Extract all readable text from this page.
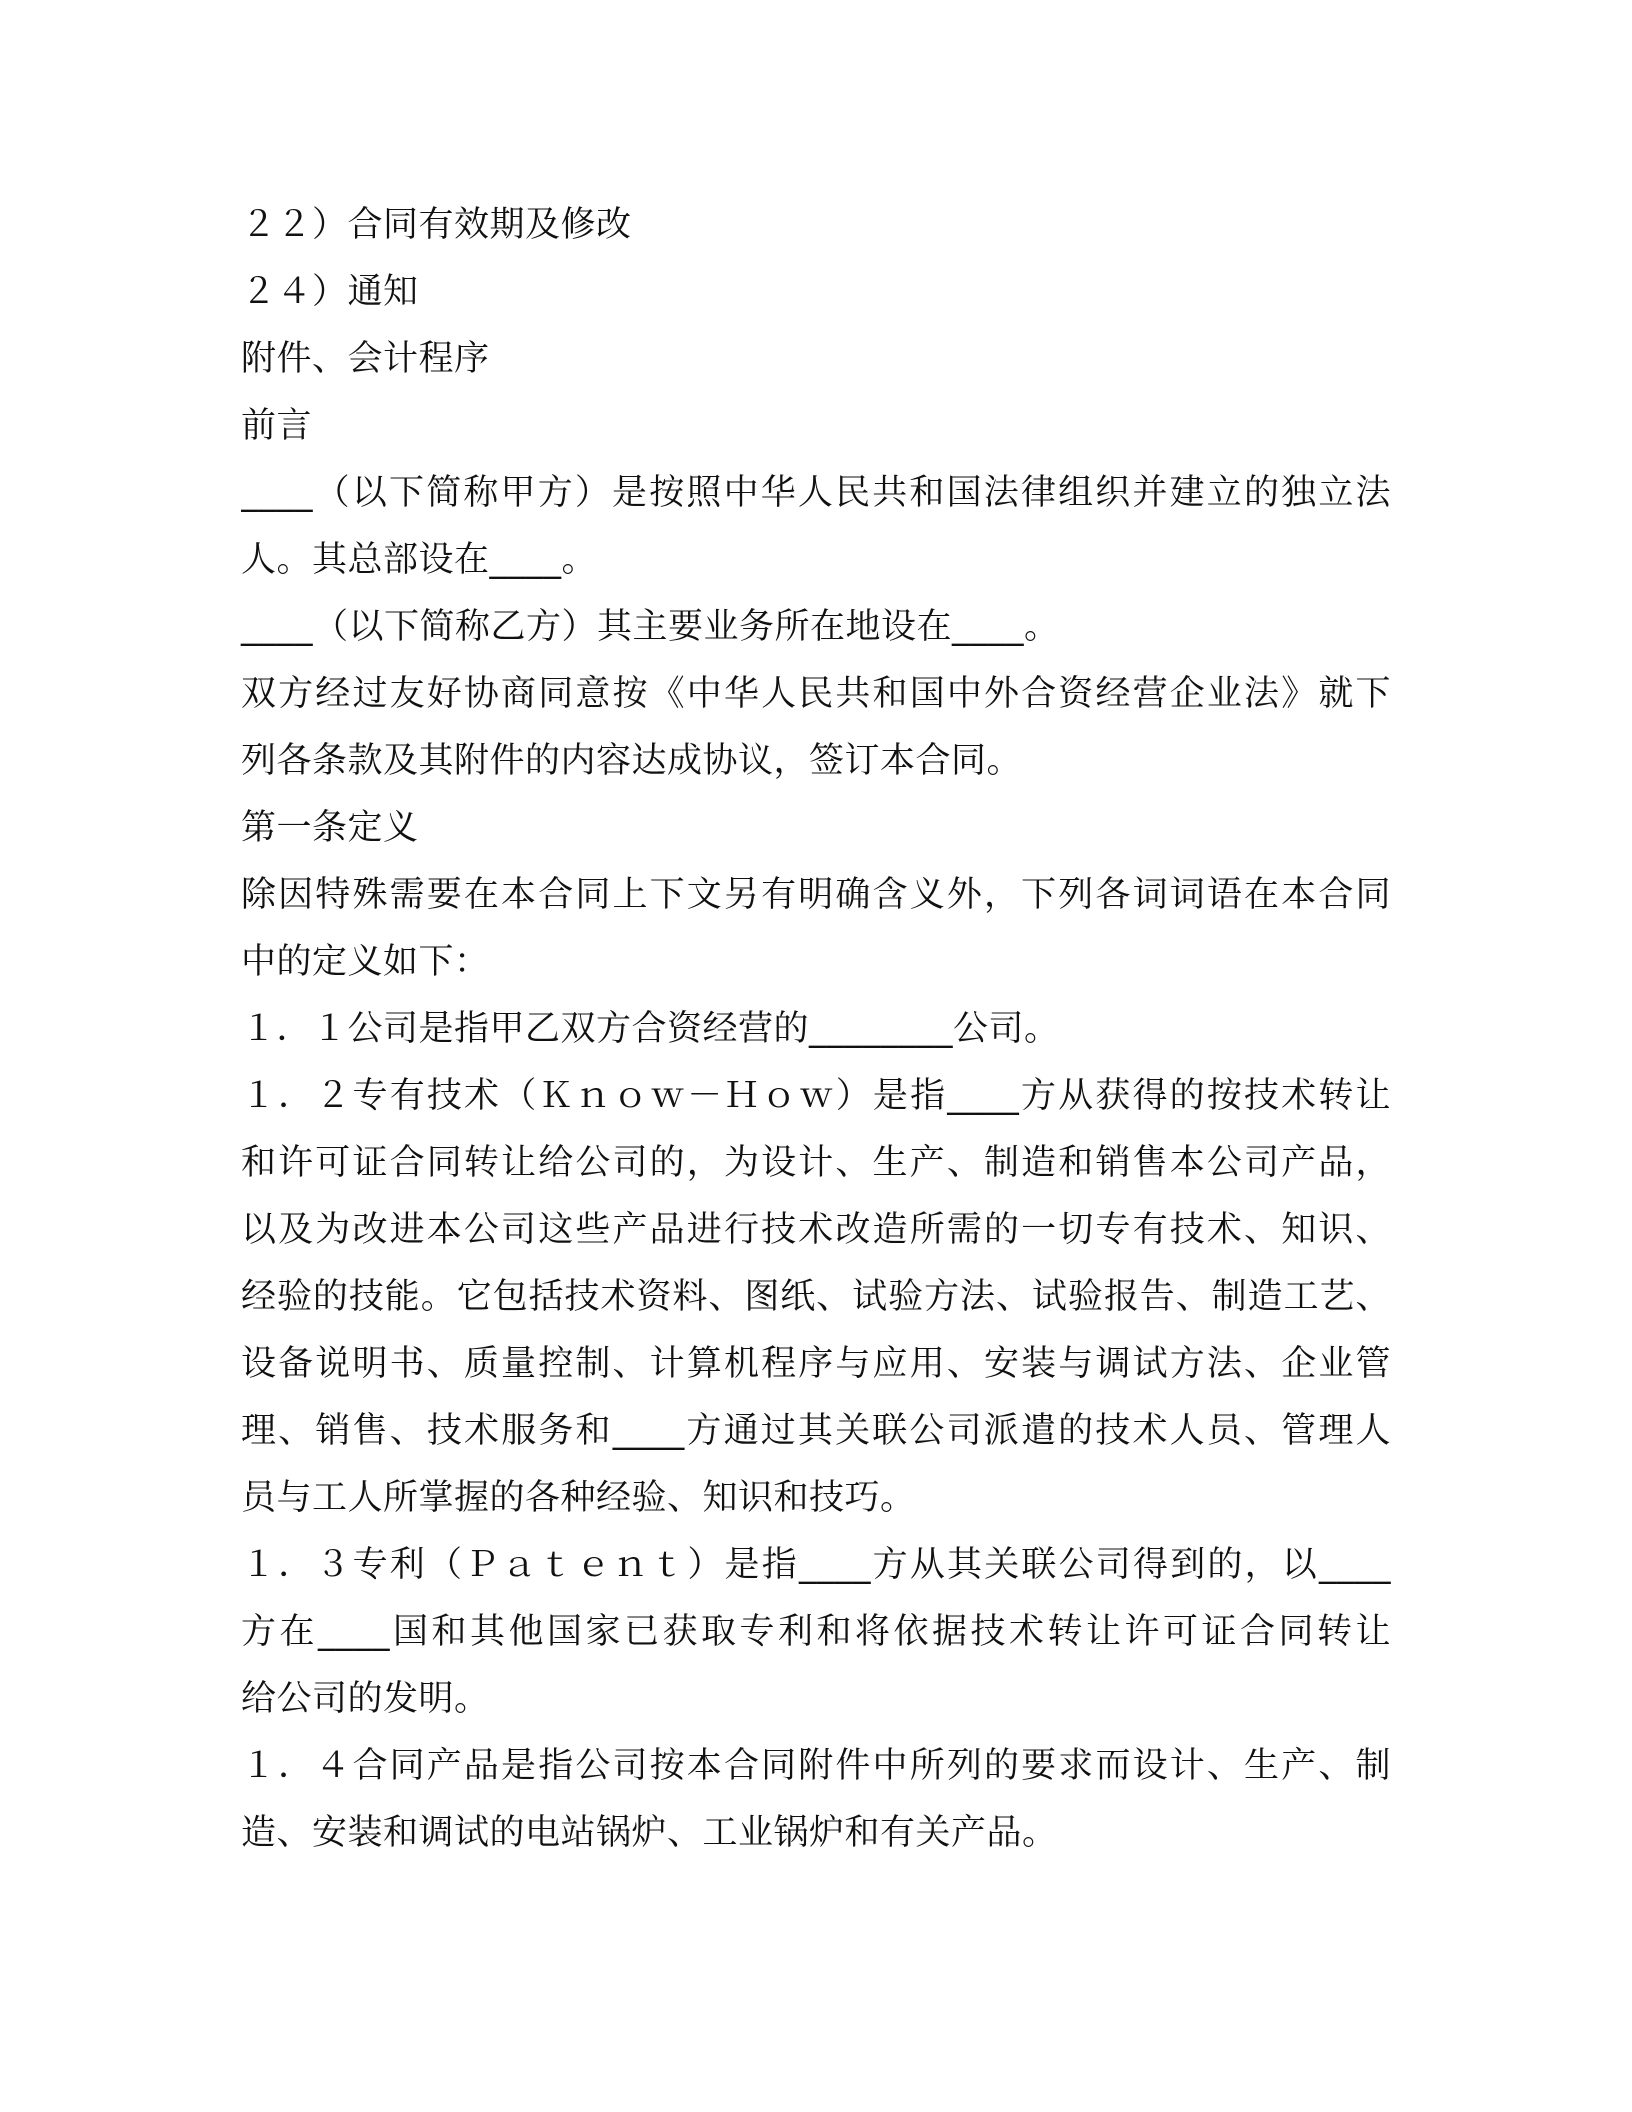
２２）合同有效期及修改

２４）通知

附件、会计程序

前言

____（以下简称甲方）是按照中华人民共和国法律组织并建立的独立法

人。其总部设在____。

____（以下简称乙方）其主要业务所在地设在____。

双方经过友好协商同意按《中华人民共和国中外合资经营企业法》就下

列各条款及其附件的内容达成协议，签订本合同。

第一条定义

除因特殊需要在本合同上下文另有明确含义外，下列各词词语在本合同

中的定义如下：

１．１公司是指甲乙双方合资经营的________公司。

１．２专有技术（Ｋｎｏｗ－Ｈｏｗ）是指____方从获得的按技术转让

和许可证合同转让给公司的，为设计、生产、制造和销售本公司产品，

以及为改进本公司这些产品进行技术改造所需的一切专有技术、知识、

经验的技能。它包括技术资料、图纸、试验方法、试验报告、制造工艺、

设备说明书、质量控制、计算机程序与应用、安装与调试方法、企业管

理、销售、技术服务和____方通过其关联公司派遣的技术人员、管理人

员与工人所掌握的各种经验、知识和技巧。

１．３专利（Ｐａｔｅｎｔ）是指____方从其关联公司得到的，以____

方在____国和其他国家已获取专利和将依据技术转让许可证合同转让

给公司的发明。

１．４合同产品是指公司按本合同附件中所列的要求而设计、生产、制

造、安装和调试的电站锅炉、工业锅炉和有关产品。
